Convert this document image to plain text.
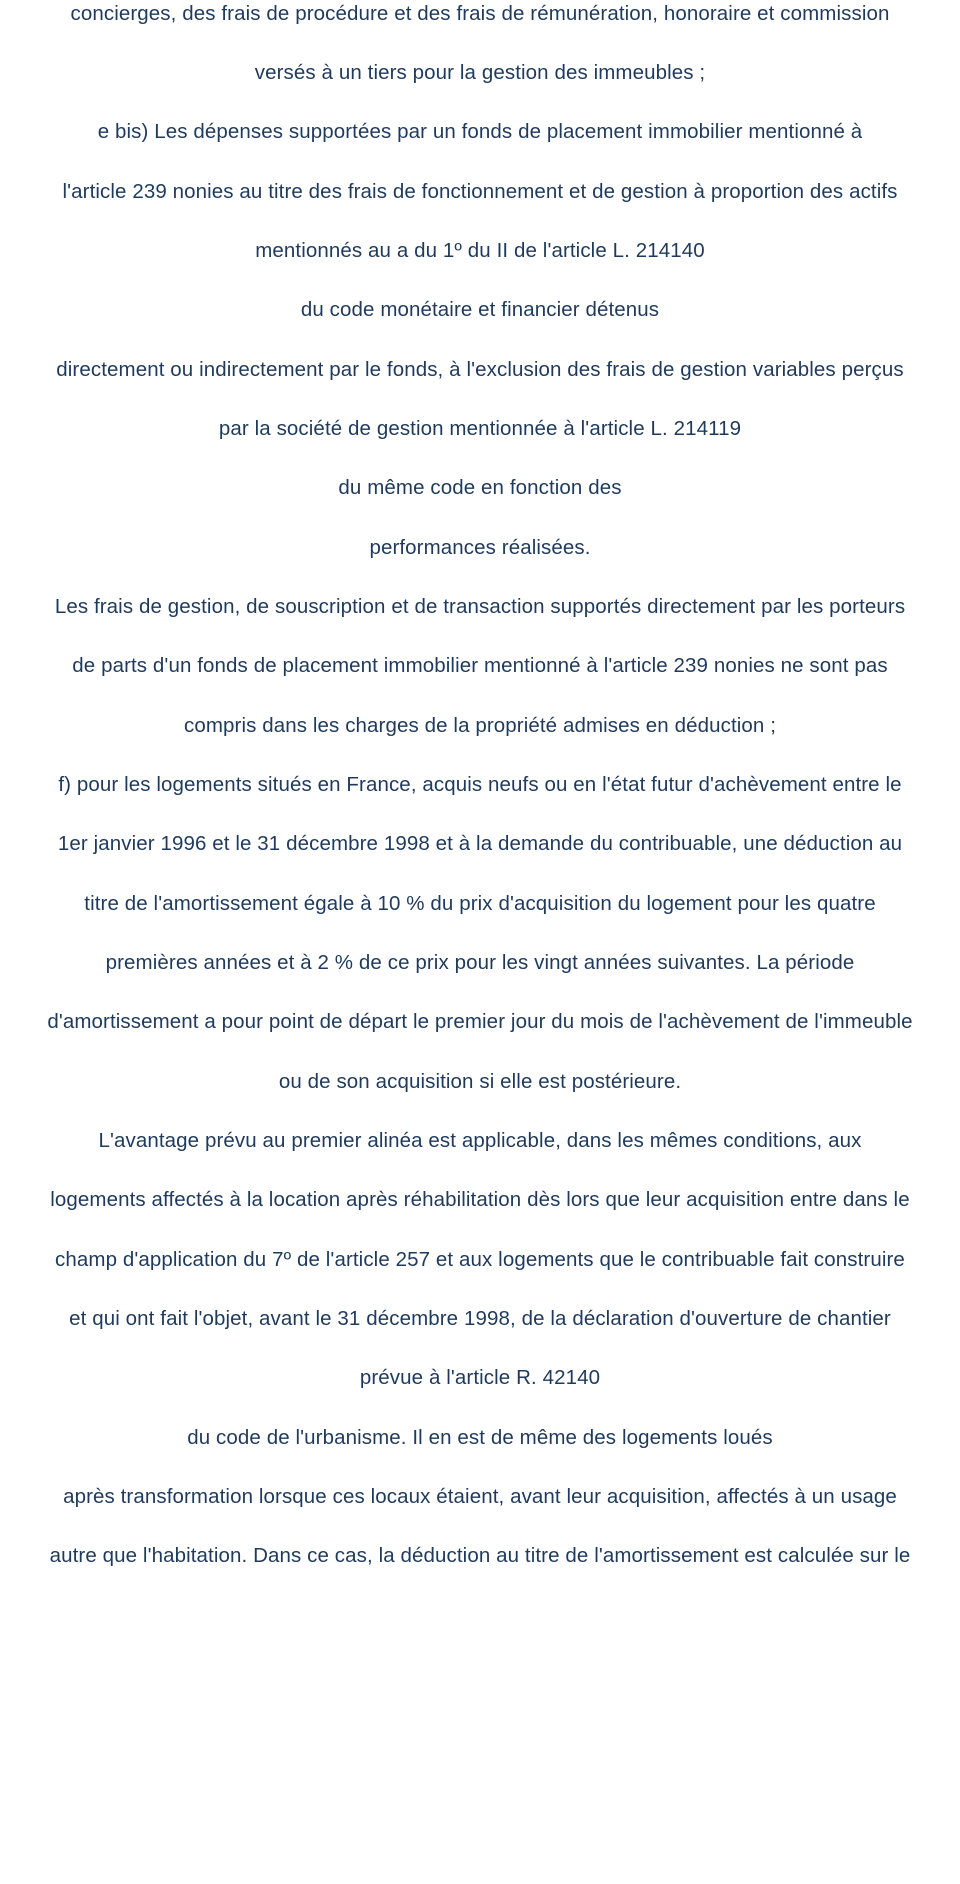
concierges, des frais de procédure et des frais de rémunération, honoraire et commission
versés à un tiers pour la gestion des immeubles ;
e bis) Les dépenses supportées par un fonds de placement immobilier mentionné à
l'article 239 nonies au titre des frais de fonctionnement et de gestion à proportion des actifs
mentionnés au a du 1º du II de l'article L. 214140
du code monétaire et financier détenus
directement ou indirectement par le fonds, à l'exclusion des frais de gestion variables perçus
par la société de gestion mentionnée à l'article L. 214119
du même code en fonction des
performances réalisées.
Les frais de gestion, de souscription et de transaction supportés directement par les porteurs
de parts d'un fonds de placement immobilier mentionné à l'article 239 nonies ne sont pas
compris dans les charges de la propriété admises en déduction ;
f) pour les logements situés en France, acquis neufs ou en l'état futur d'achèvement entre le
1er janvier 1996 et le 31 décembre 1998 et à la demande du contribuable, une déduction au
titre de l'amortissement égale à 10 % du prix d'acquisition du logement pour les quatre
premières années et à 2 % de ce prix pour les vingt années suivantes. La période
d'amortissement a pour point de départ le premier jour du mois de l'achèvement de l'immeuble
ou de son acquisition si elle est postérieure.
L'avantage prévu au premier alinéa est applicable, dans les mêmes conditions, aux
logements affectés à la location après réhabilitation dès lors que leur acquisition entre dans le
champ d'application du 7º de l'article 257 et aux logements que le contribuable fait construire
et qui ont fait l'objet, avant le 31 décembre 1998, de la déclaration d'ouverture de chantier
prévue à l'article R. 42140
du code de l'urbanisme. Il en est de même des logements loués
après transformation lorsque ces locaux étaient, avant leur acquisition, affectés à un usage
autre que l'habitation. Dans ce cas, la déduction au titre de l'amortissement est calculée sur le
